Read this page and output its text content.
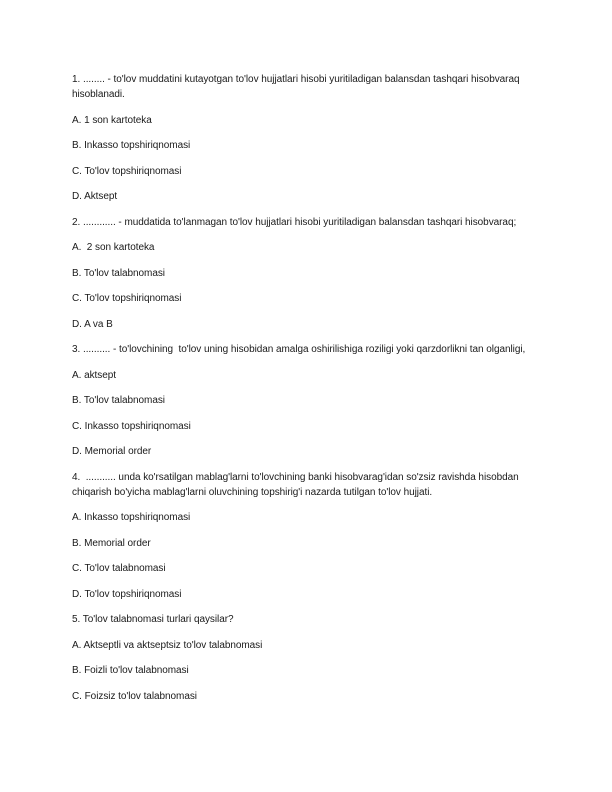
1. ........ - to'lov muddatini kutayotgan to'lov hujjatlari hisobi yuritiladigan balansdan tashqari hisobvaraq hisoblanadi.

A. 1 son kartoteka

B. Inkasso topshiriqnomasi

C. To'lov topshiriqnomasi

D. Aktsept

2. ............ - muddatida to'lanmagan to'lov hujjatlari hisobi yuritiladigan balansdan tashqari hisobvaraq;

A.  2 son kartoteka

B. To'lov talabnomasi

C. To'lov topshiriqnomasi

D. A va B

3. .......... - to'lovchining  to'lov uning hisobidan amalga oshirilishiga roziligi yoki qarzdorlikni tan olganligi,

A. aktsept

B. To'lov talabnomasi

C. Inkasso topshiriqnomasi

D. Memorial order

4.  ........... unda ko'rsatilgan mablag'larni to'lovchining banki hisobvarag'idan so'zsiz ravishda hisobdan chiqarish bo'yicha mablag'larni oluvchining topshirig'i nazarda tutilgan to'lov hujjati.

A. Inkasso topshiriqnomasi

B. Memorial order

C. To'lov talabnomasi

D. To'lov topshiriqnomasi

5. To'lov talabnomasi turlari qaysilar?

A. Aktseptli va aktseptsiz to'lov talabnomasi

B. Foizli to'lov talabnomasi

C. Foizsiz to'lov talabnomasi
